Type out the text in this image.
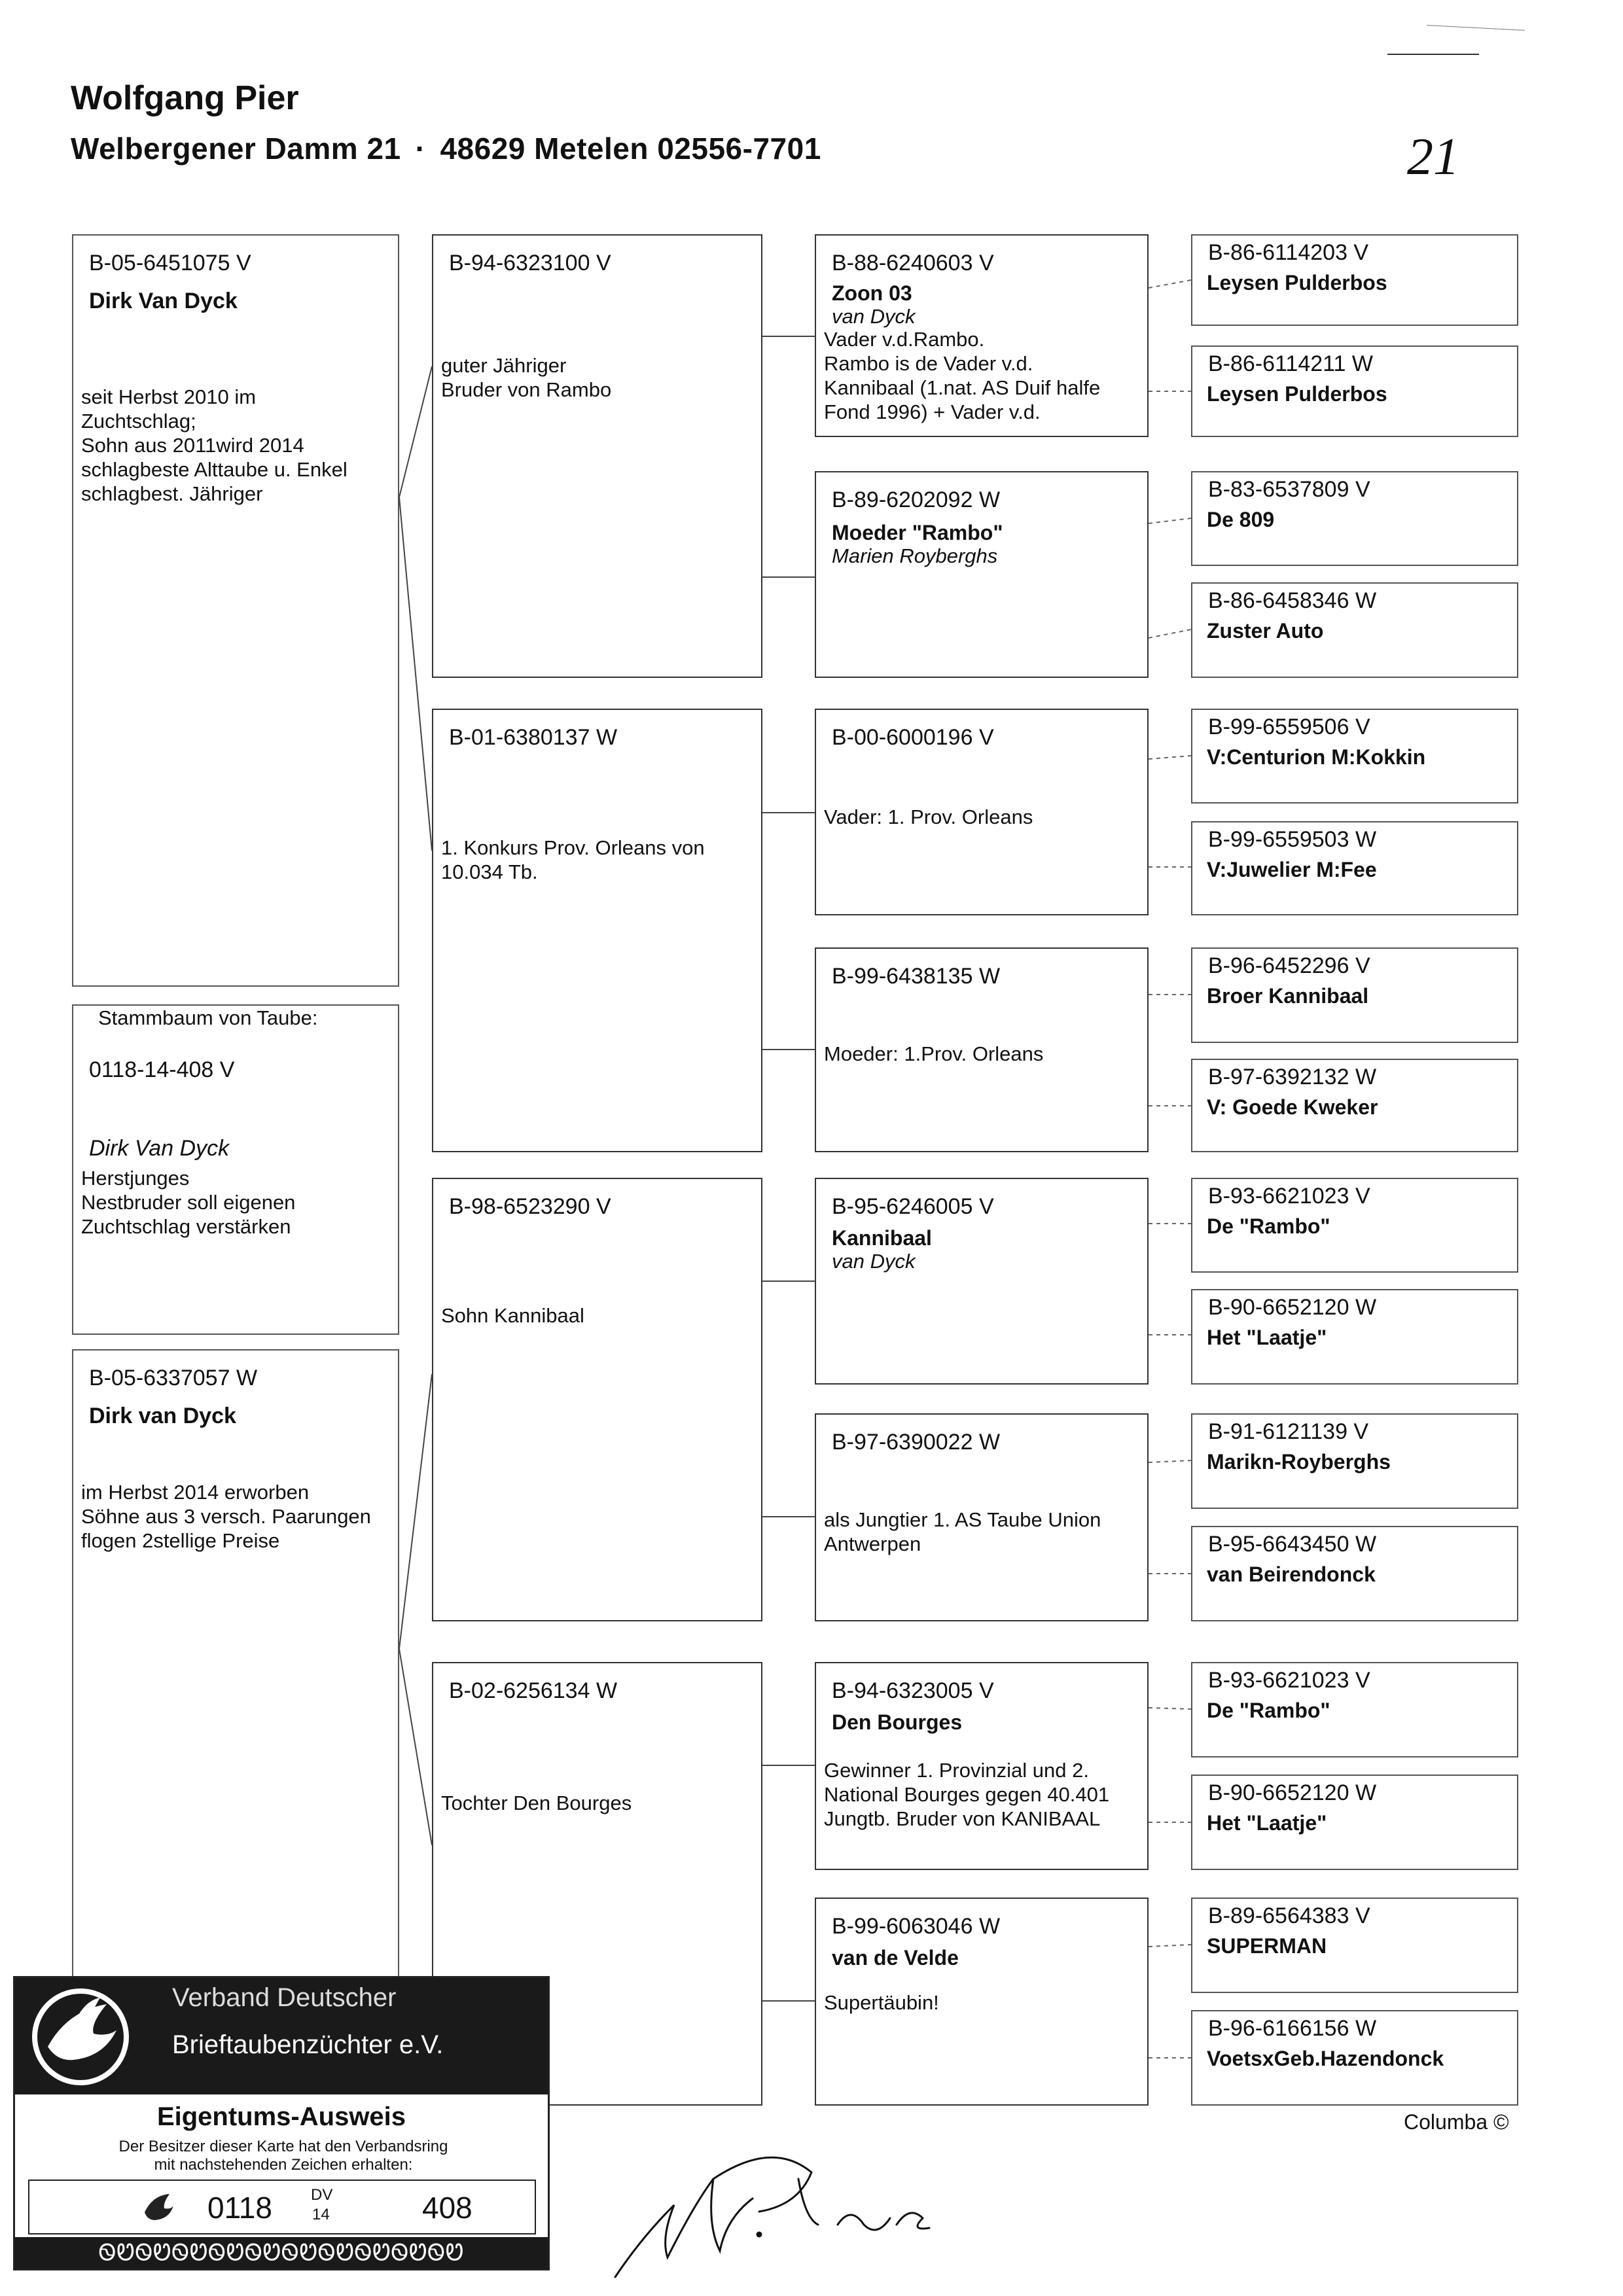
Wolfgang Pier
Welbergener Damm 21 · 48629 Metelen 02556-7701	21
B-05-6451075 V
Dirk Van Dyck
seit Herbst 2010 im
Zuchtschlag;
Sohn aus 2011wird 2014
schlagbeste Alttaube u. Enkel
schlagbest. Jähriger
Stammbaum von Taube:
0118-14-408 V
Dirk Van Dyck
Herstjunges
Nestbruder soll eigenen
Zuchtschlag verstärken
B-05-6337057 W
Dirk van Dyck
im Herbst 2014 erworben
Söhne aus 3 versch. Paarungen
flogen 2stellige Preise
B-94-6323100 V
guter Jähriger
Bruder von Rambo
B-01-6380137 W
1. Konkurs Prov. Orleans von
10.034 Tb.
B-98-6523290 V
Sohn Kannibaal
B-02-6256134 W
Tochter Den Bourges
B-88-6240603 V
Zoon 03
van Dyck
Vader v.d.Rambo.
Rambo is de Vader v.d.
Kannibaal (1.nat. AS Duif halfe
Fond 1996) + Vader v.d.
B-89-6202092 W
Moeder "Rambo"
Marien Royberghs
B-00-6000196 V
Vader: 1. Prov. Orleans
B-99-6438135 W
Moeder: 1.Prov. Orleans
B-95-6246005 V
Kannibaal
van Dyck
B-97-6390022 W
als Jungtier 1. AS Taube Union
Antwerpen
B-94-6323005 V
Den Bourges
Gewinner 1. Provinzial und 2.
National Bourges gegen 40.401
Jungtb. Bruder von KANIBAAL
B-99-6063046 W
van de Velde
Supertäubin!
B-86-6114203 V
Leysen Pulderbos
B-86-6114211 W
Leysen Pulderbos
B-83-6537809 V
De 809
B-86-6458346 W
Zuster Auto
B-99-6559506 V
V:Centurion M:Kokkin
B-99-6559503 W
V:Juwelier M:Fee
B-96-6452296 V
Broer Kannibaal
B-97-6392132 W
V: Goede Kweker
B-93-6621023 V
De "Rambo"
B-90-6652120 W
Het "Laatje"
B-91-6121139 V
Marikn-Royberghs
B-95-6643450 W
van Beirendonck
B-93-6621023 V
De "Rambo"
B-90-6652120 W
Het "Laatje"
B-89-6564383 V
SUPERMAN
B-96-6166156 W
VoetsxGeb.Hazendonck
Verband Deutscher
Brieftaubenzüchter e.V.
Eigentums-Ausweis
Der Besitzer dieser Karte hat den Verbandsring
mit nachstehenden Zeichen erhalten:
0118 DV
14	408
ᏫᏬᏫᏬᏫᏬᏫᏬᏫᏬᏫᏬᏫᏬᏫᏬᏫᏬᏫᏬ
Columba ©
